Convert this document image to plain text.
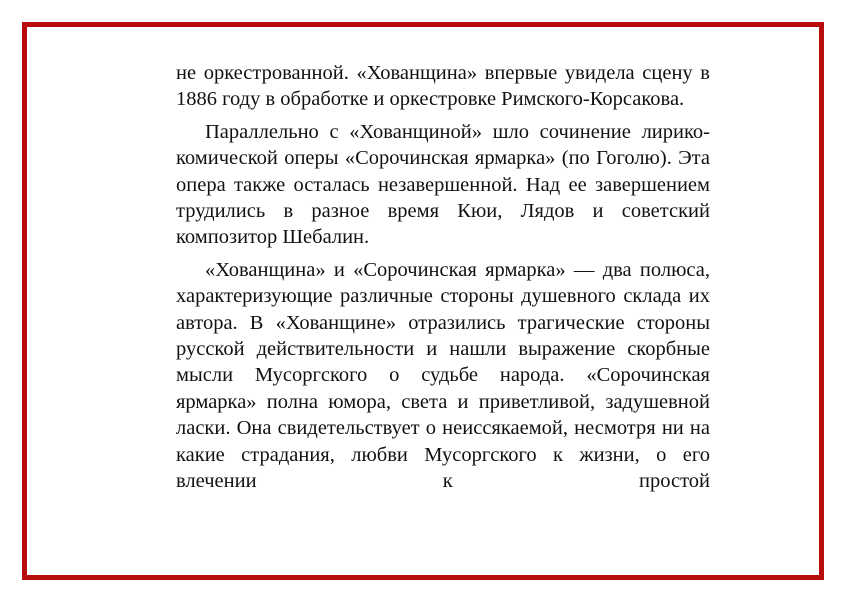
не оркестрованной. «Хованщина» впервые увидела сцену в 1886 году в обработке и оркестровке Римского-Корсакова.

Параллельно с «Хованщиной» шло сочинение лирико-комической оперы «Сорочинская ярмарка» (по Гоголю). Эта опера также осталась незавершенной. Над ее завершением трудились в разное время Кюи, Лядов и советский композитор Шебалин.

«Хованщина» и «Сорочинская ярмарка» — два полюса, характеризующие различные стороны душевного склада их автора. В «Хованщине» отразились трагические стороны русской действительности и нашли выражение скорбные мысли Мусоргского о судьбе народа. «Сорочинская ярмарка» полна юмора, света и приветливой, задушевной ласки. Она свидетельствует о неиссякаемой, несмотря ни на какие страдания, любви Мусоргского к жизни, о его влечении к простой
